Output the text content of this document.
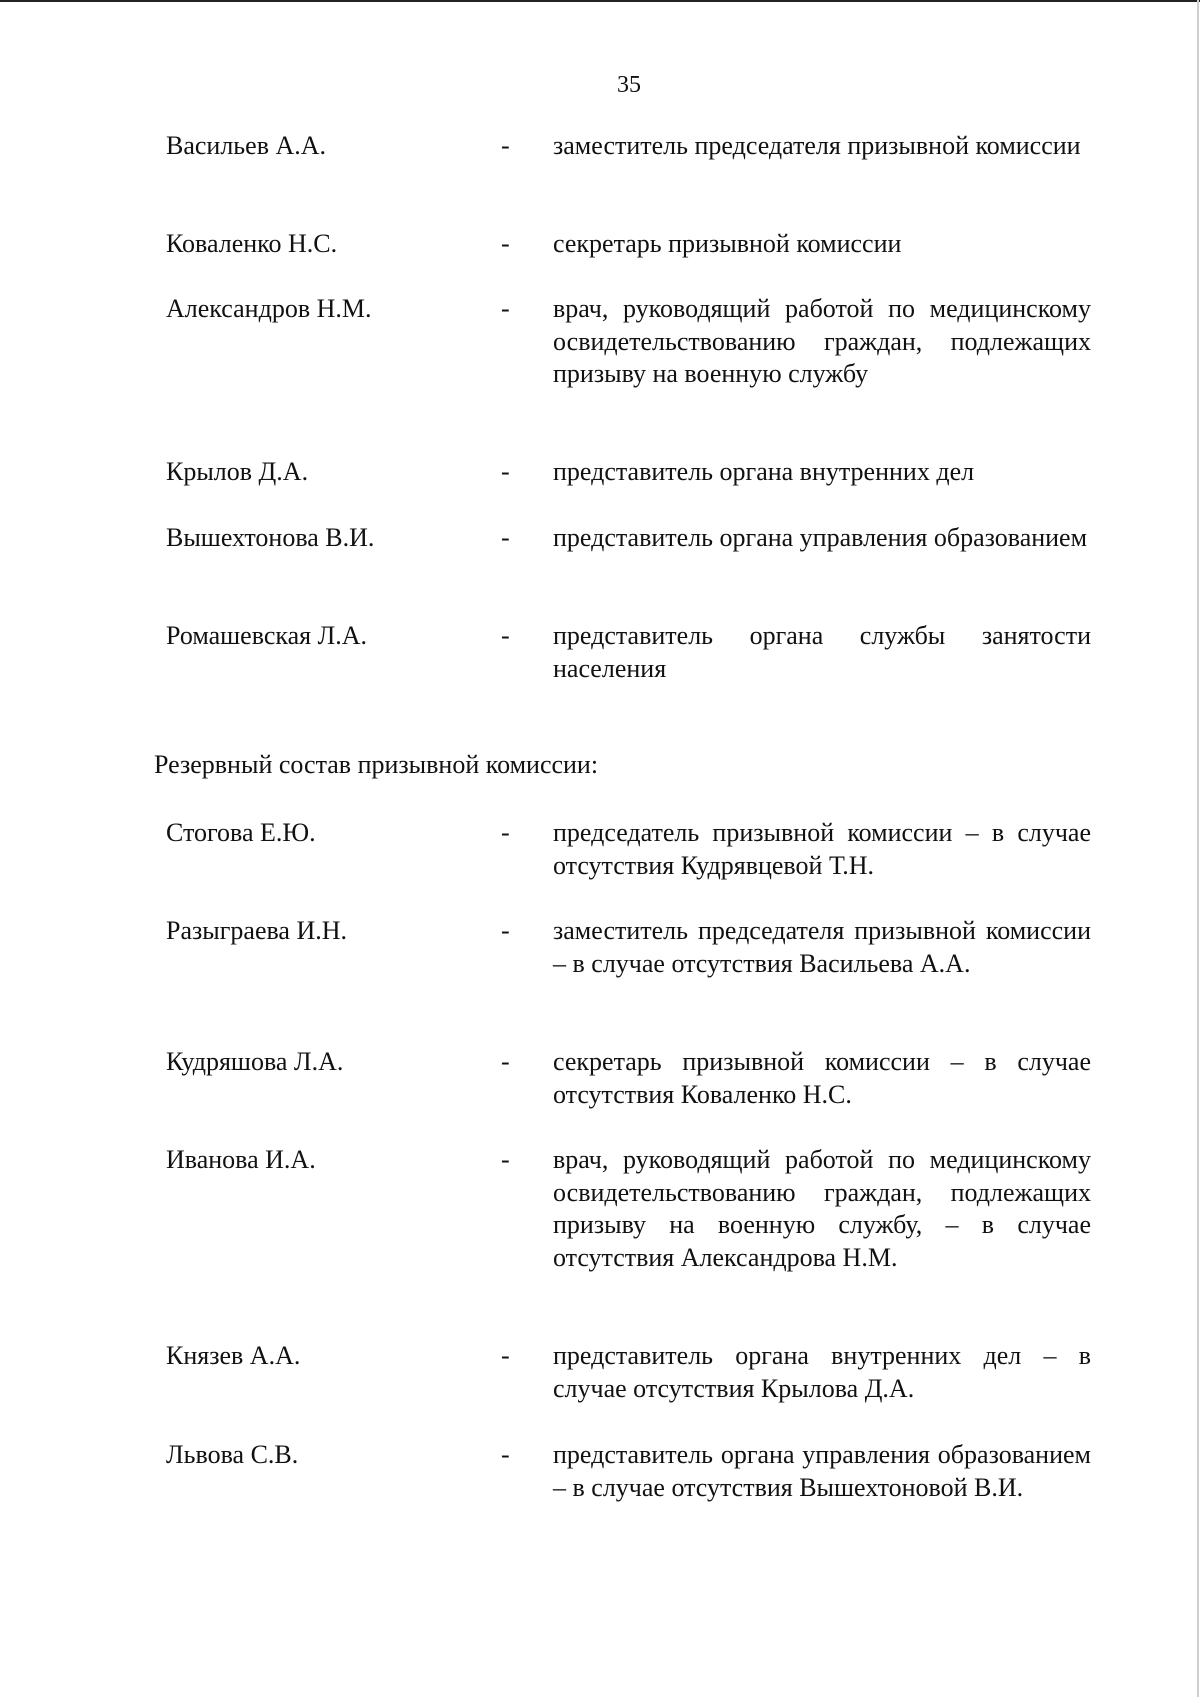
35
Васильев А.А.	- заместитель председателя призывной комиссии
Коваленко Н.С.	- секретарь призывной комиссии
Александров Н.М.	- врач, руководящий работой по медицинскому освидетельствованию граждан, подлежащих призыву на военную службу
Крылов Д.А.	- представитель органа внутренних дел
Вышехтонова В.И.	- представитель органа управления образованием
Ромашевская Л.А.	- представитель органа службы занятости населения
Резервный состав призывной комиссии:
Стогова Е.Ю.	- председатель призывной комиссии – в случае отсутствия Кудрявцевой Т.Н.
Разыграева И.Н.	- заместитель председателя призывной комиссии – в случае отсутствия Васильева А.А.
Кудряшова Л.А.	- секретарь призывной комиссии – в случае отсутствия Коваленко Н.С.
Иванова И.А.	- врач, руководящий работой по медицинскому освидетельствованию граждан, подлежащих призыву на военную службу, – в случае отсутствия Александрова Н.М.
Князев А.А.	- представитель органа внутренних дел – в случае отсутствия Крылова Д.А.
Львова С.В.	- представитель органа управления образованием – в случае отсутствия Вышехтоновой В.И.
